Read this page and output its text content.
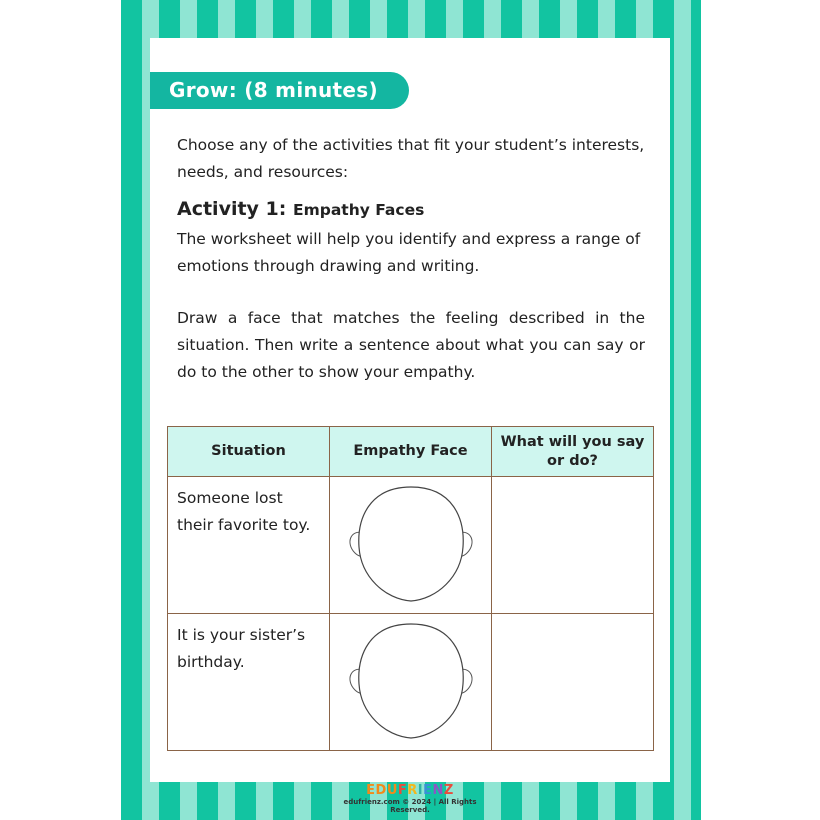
Grow: (8 minutes)
Choose any of the activities that fit your student’s interests, needs, and resources:
Activity 1: Empathy Faces
The worksheet will help you identify and express a range of emotions through drawing and writing.
Draw a face that matches the feeling described in the situation. Then write a sentence about what you can say or do to the other to show your empathy.
Situation	Empathy Face	What will you say or do?
Someone lost their favorite toy.	

It is your sister’s birthday.	

EDUFRIENZ
edufrienz.com © 2024 | All Rights Reserved.
